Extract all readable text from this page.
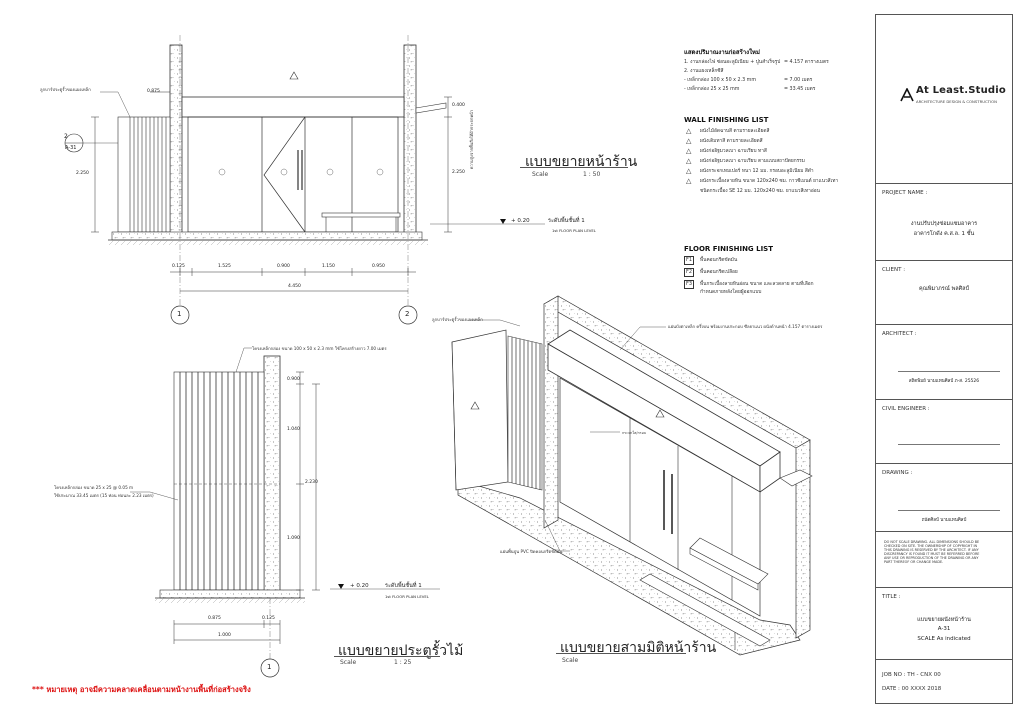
ลูกบาร์ประตูรั้วของแผงเหล็ก
2
A-31
2.250	2.250
0.400
0.875
ความสูงจากพื้นถึงใต้ฝ้ากระจกหน้า
0.125	1.525	0.900	1.150	0.950
4.450
1	2
+ 0.20	ระดับพื้นชั้นที่ 1
1st FLOOR PLAN LEVEL
แบบขยายหน้าร้าน
Scale	1 : 50
โครงเหล็กกล่อง ขนาด 100 x 50 x 2.3 mm ใช้โครงสร้างยาว 7.00 เมตร
โครงเหล็กกล่อง ขนาด 25 x 25 @ 0.05 m
ใช้ประมาณ 33.45 เมตร (15 ท่อน ท่อนละ 2.23 เมตร)
0.900
1.040
2.230
1.090
0.875	0.125
1.000
1
+ 0.20	ระดับพื้นชั้นที่ 1
1st FLOOR PLAN LEVEL
แบบขยายประตูรั้วไม้
Scale	1 : 25
ลูกบาร์ประตูรั้วของแผงเหล็ก
แผ่นบังตาเหล็ก ครึ่งบน พร้อมงานประกอบ ซีลยาแนว ผนังด้านหน้า 4.157 ตารางเมตร
กระจกใส/กรอบ
แผ่นพื้นปูน PVC ปิดคอนกรีตขัดมัน
แบบขยายสามมิติหน้าร้าน
Scale
แสดงปริมาณงานก่อสร้างใหม่
1. งานกล่องไฟ ซ่อนอะลูมิเนียม + ปูนสำเร็จรูป = 4.157 ตารางเมตร
2. งานแผงเหล็กซีสี
- เหล็กกล่อง 100 x 50 x 2.3 mm	= 7.00 เมตร
- เหล็กกล่อง 25 x 25 mm	= 33.45 เมตร
WALL FINISHING LIST
△ ผนังไม้อัดฉาบสี ตามรายละเอียดสี
△ ผนังเดิมทาสี ตามรายละเอียดสี
△ ผนังก่ออิฐมวลเบา ฉาบเรียบ ทาสี
△ ผนังก่ออิฐมวลเบา ฉาบเรียบ ตามแบบสถาปัตยกรรม
△ ผนังกระจกเทมเปอร์ หนา 12 มม. กรอบอะลูมิเนียม สีดำ
△ ผนังกระเบื้องลายหิน ขนาด 120x240 ซม. กาวซีเมนต์ ยาแนวสีเทา
ชนิดกระเบื้อง SE 12 มม. 120x240 ซม. ยาแนวสีเทาอ่อน
FLOOR FINISHING LIST
F1	พื้นคอนกรีตขัดมัน
F2	พื้นคอนกรีตเปลือย
F3	พื้นกระเบื้องลายหินอ่อน ขนาด และลวดลาย ตามที่เลือก
กำหนดภายหลังโดยผู้ออกแบบ
*** หมายเหตุ อาจมีความคลาดเคลื่อนตามหน้างานพื้นที่ก่อสร้างจริง
At Least.Studio
ARCHITECTURE DESIGN & CONSTRUCTION
PROJECT NAME :
งานปรับปรุงซ่อมแซมอาคาร
อาคารโกดัง ค.ส.ล. 1 ชั้น
CLIENT :
คุณพิมาภรณ์ พลศิลป์
ARCHITECT :
สถิตพิมย์ นามแทนศิลป์ ภ-ส. 25526
CIVIL ENGINEER :
DRAWING :
ถนัดศิลป์ นามแทนศิลป์
DO NOT SCALE DRAWING. ALL DIMENSIONS SHOULD BE CHECKED ON SITE. THE OWNERSHIP OF COPYRIGHT IN THIS DRAWING IS RESERVED BY THE ARCHITECT. IF ANY DISCREPANCY IS FOUND IT MUST BE REFERRED BEFORE ANY USE OR REPRODUCTION OF THE DRAWING OR ANY PART THEREOF OR CHANGE MADE.
TITLE :
แบบขยายผนังหน้าร้าน
A-31
SCALE As indicated
JOB NO : TH - CNX 00
DATE : 00 XXXX 2018
